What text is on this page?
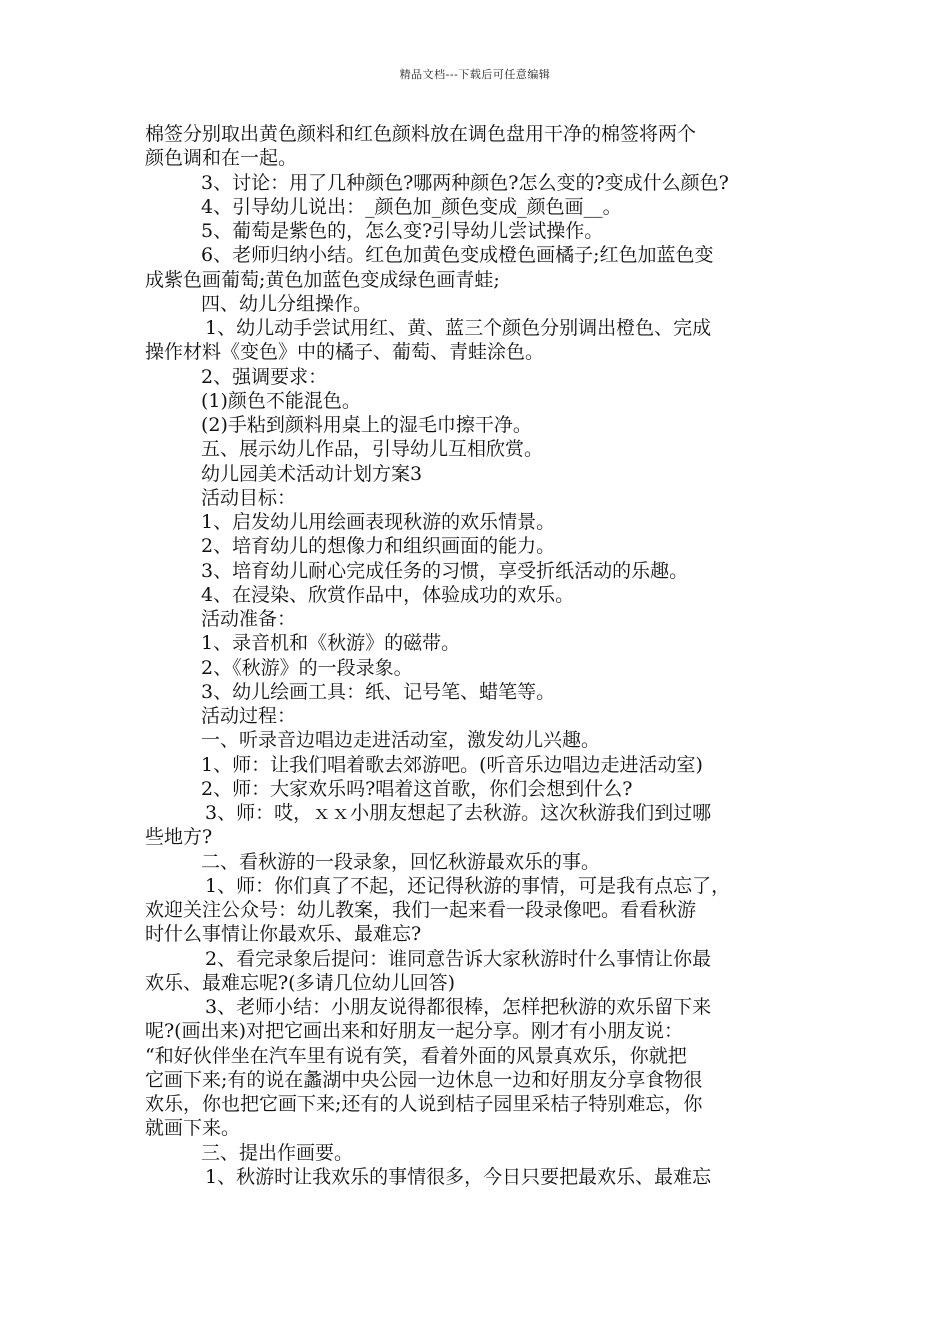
精品文档---下载后可任意编辑

棉签分别取出黄色颜料和红色颜料放在调色盘用干净的棉签将两个

颜色调和在一起。

3、讨论：用了几种颜色?哪两种颜色?怎么变的?变成什么颜色?

4、引导幼儿说出：_颜色加_颜色变成_颜色画__。

5、葡萄是紫色的，怎么变?引导幼儿尝试操作。

6、老师归纳小结。红色加黄色变成橙色画橘子;红色加蓝色变

成紫色画葡萄;黄色加蓝色变成绿色画青蛙;

四、幼儿分组操作。

1、幼儿动手尝试用红、黄、蓝三个颜色分别调出橙色、完成

操作材料《变色》中的橘子、葡萄、青蛙涂色。

2、强调要求：

(1)颜色不能混色。

(2)手粘到颜料用桌上的湿毛巾擦干净。

五、展示幼儿作品，引导幼儿互相欣赏。

幼儿园美术活动计划方案3

活动目标：

1、启发幼儿用绘画表现秋游的欢乐情景。

2、培育幼儿的想像力和组织画面的能力。

3、培育幼儿耐心完成任务的习惯，享受折纸活动的乐趣。

4、在浸染、欣赏作品中，体验成功的欢乐。

活动准备：

1、录音机和《秋游》的磁带。

2、《秋游》的一段录象。

3、幼儿绘画工具：纸、记号笔、蜡笔等。

活动过程：

一、听录音边唱边走进活动室，激发幼儿兴趣。

1、师：让我们唱着歌去郊游吧。(听音乐边唱边走进活动室)

2、师：大家欢乐吗?唱着这首歌，你们会想到什么?

3、师：哎，ｘｘ小朋友想起了去秋游。这次秋游我们到过哪

些地方?

二、看秋游的一段录象，回忆秋游最欢乐的事。

1、师：你们真了不起，还记得秋游的事情，可是我有点忘了，

欢迎关注公众号：幼儿教案，我们一起来看一段录像吧。看看秋游

时什么事情让你最欢乐、最难忘?

2、看完录象后提问：谁同意告诉大家秋游时什么事情让你最

欢乐、最难忘呢?(多请几位幼儿回答)

3、老师小结：小朋友说得都很棒，怎样把秋游的欢乐留下来

呢?(画出来)对把它画出来和好朋友一起分享。刚才有小朋友说：

“和好伙伴坐在汽车里有说有笑，看着外面的风景真欢乐，你就把

它画下来;有的说在蠡湖中央公园一边休息一边和好朋友分享食物很

欢乐，你也把它画下来;还有的人说到桔子园里采桔子特别难忘，你

就画下来。

三、提出作画要。

1、秋游时让我欢乐的事情很多，今日只要把最欢乐、最难忘
